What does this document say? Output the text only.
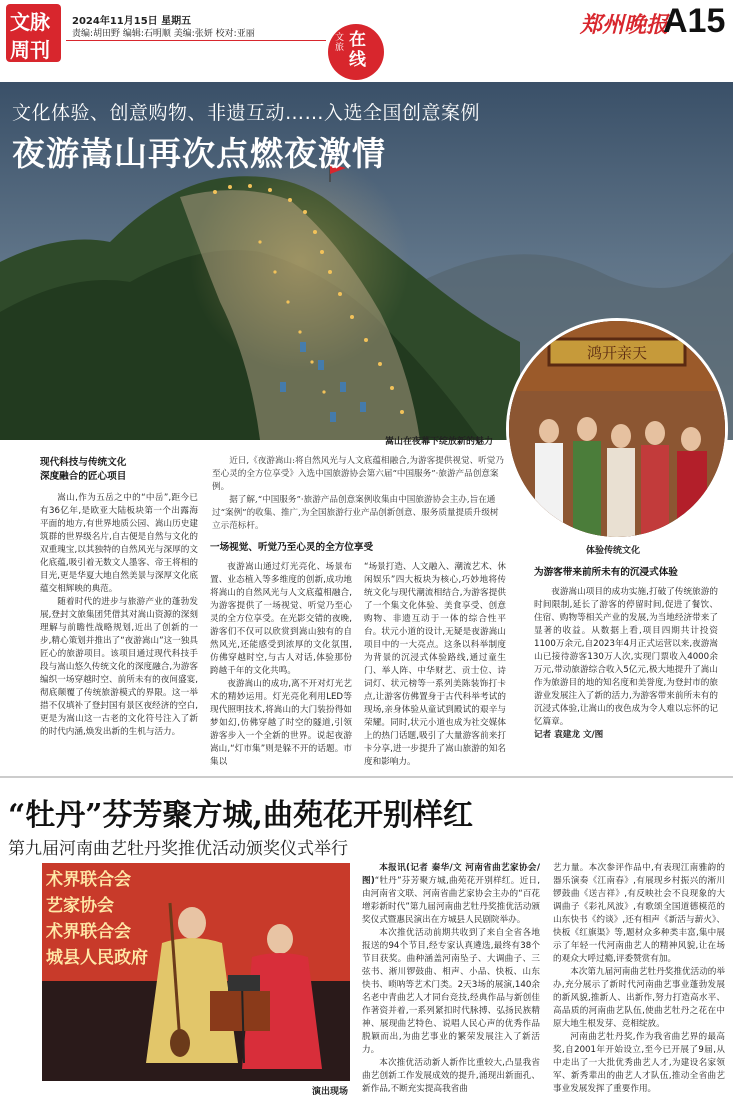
文脉
周刊
2024年11月15日 星期五
责编:胡田野 编辑:石明顺 美编:张妍 校对:亚丽	郑州晚报
A15
文旅 在线
文化体验、创意购物、非遗互动……入选全国创意案例
夜游嵩山再次点燃夜激情
嵩山在夜幕下绽放新的魅力
鸿开亲天
体验传统文化
现代科技与传统文化
深度融合的匠心项目

嵩山,作为五岳之中的“中岳”,距今已有36亿年,是欧亚大陆板块第一个出露海平面的地方,有世界地质公园、嵩山历史建筑群的世界级名片,自古便是自然与文化的双重瑰宝,以其独特的自然风光与深厚的文化底蕴,吸引着无数文人墨客、帝王将相的目光,更是华夏大地自然美景与深厚文化底蕴交相辉映的典范。

随着时代的进步与旅游产业的蓬勃发展,登封文旅集团凭借其对嵩山资源的深刻理解与前瞻性战略规划,近出了创新的一步,精心策划并推出了“夜游嵩山”这一独具匠心的旅游项目。该项目通过现代科技手段与嵩山悠久传统文化的深度融合,为游客编织一场穿越时空、前所未有的夜间盛宴,彻底颠覆了传统旅游模式的界限。这一举措不仅填补了登封国有景区夜经济的空白,更是为嵩山这一古老的文化符号注入了新的时代内涵,焕发出新的生机与活力。

近日,《夜游嵩山:将自然风光与人文底蕴相融合,为游客提供视觉、听觉乃至心灵的全方位享受》入选中国旅游协会第六届“中国服务”·旅游产品创意案例。

据了解,“中国服务”·旅游产品创意案例收集由中国旅游协会主办,旨在通过“案例”的收集、推广,为全国旅游行业产品创新创意、服务质量提质升级树立示范标杆。

一场视觉、听觉乃至心灵的全方位享受

夜游嵩山通过灯光亮化、场景布置、业态植入等多维度的创新,成功地将嵩山的自然风光与人文底蕴相融合,为游客提供了一场视觉、听觉乃至心灵的全方位享受。在光影交错的夜晚,游客们不仅可以欣赏到嵩山独有的自然风光,还能感受到浓厚的文化氛围,仿佛穿越时空,与古人对话,体验那份跨越千年的文化共鸣。

夜游嵩山的成功,离不开对灯光艺术的精妙运用。灯光亮化利用LED等现代照明技术,将嵩山的大门装扮得如梦如幻,仿佛穿越了时空的隧道,引领游客步入一个全新的世界。说起夜游嵩山,“灯市集”则是躲不开的话题。市集以

“场景打造、人文融入、潮流艺术、休闲娱乐”四大板块为核心,巧妙地将传统文化与现代潮流相结合,为游客提供了一个集文化体验、美食享受、创意购物、非遗互动于一体的综合性平台。状元小道的设计,无疑是夜游嵩山项目中的一大亮点。这条以科举制度为背景的沉浸式体验路线,通过童生门、举人阵、中华财艺、贡士位、诗词灯、状元榜等一系列美陈装饰打卡点,让游客仿佛置身于古代科举考试的现场,亲身体验从童试到殿试的艰辛与荣耀。同时,状元小道也成为社交媒体上的热门话题,吸引了大量游客前来打卡分享,进一步提升了嵩山旅游的知名度和影响力。

为游客带来前所未有的沉浸式体验

夜游嵩山项目的成功实施,打破了传统旅游的时间限制,延长了游客的停留时间,促进了餐饮、住宿、购物等相关产业的发展,为当地经济带来了显著的收益。从数据上看,项目四期共计投资1100万余元,自2023年4月正式运营以来,夜游嵩山已接待游客130万人次,实现门票收入4000余万元,带动旅游综合收入5亿元,极大地提升了嵩山作为旅游目的地的知名度和美誉度,为登封市的旅游业发展注入了新的活力,为游客带来前所未有的沉浸式体验,让嵩山的夜色成为令人难以忘怀的记忆篇章。

记者 袁建龙 文/图
“牡丹”芬芳聚方城,曲苑花开别样红
第九届河南曲艺牡丹奖推优活动颁奖仪式举行
术界联合会
艺家协会
术界联合会
城县人民政府
演出现场

本报讯(记者 秦华/文 河南省曲艺家协会/图)“牡丹”芬芳聚方城,曲苑花开别样红。近日,由河南省文联、河南省曲艺家协会主办的“百花增彩新时代”第九届河南曲艺牡丹奖推优活动颁奖仪式暨惠民演出在方城县人民剧院举办。

本次推优活动前期共收到了来自全省各地报送的94个节目,经专家认真遴选,最终有38个节目获奖。曲种涵盖河南坠子、大调曲子、三弦书、淅川锣鼓曲、相声、小品、快板、山东快书、唢呐等艺术门类。2天3场的展演,140余名老中青曲艺人才同台竞技,经典作品与新创佳作著资并着,一系列紧扣时代脉搏、弘扬民族精神、展现曲艺特色、说唱人民心声的优秀作品脱颖而出,为曲艺事业的繁荣发展注入了新活力。

本次推优活动新人新作比重较大,凸显我省曲艺创新工作发展成效的提升,涌现出新面孔、新作品,不断充实提高我省曲

艺力量。本次参评作品中,有表现江南雅韵的器乐演奏《江南春》,有展现乡村振兴的淅川锣鼓曲《送吉祥》,有反映社会不良现象的大调曲子《彩礼风波》,有歌颂全国道德模范的山东快书《约谈》,还有相声《新活与薪火》、快板《红旗渠》等,题材众多种类丰富,集中展示了年轻一代河南曲艺人的精神风貌,让在场的观众大呼过瘾,评委赞赏有加。

本次第九届河南曲艺牡丹奖推优活动的举办,充分展示了新时代河南曲艺事业蓬勃发展的新风貌,推新人、出新作,努力打造高水平、高品质的河南曲艺队伍,使曲艺牡丹之花在中原大地生根发芽、竞相绽放。

河南曲艺牡丹奖,作为我省曲艺界的最高奖,自2001年开始设立,至今已开展了9届,从中走出了一大批优秀曲艺人才,为建设名家领军、新秀辈出的曲艺人才队伍,推动全省曲艺事业发展发挥了重要作用。
